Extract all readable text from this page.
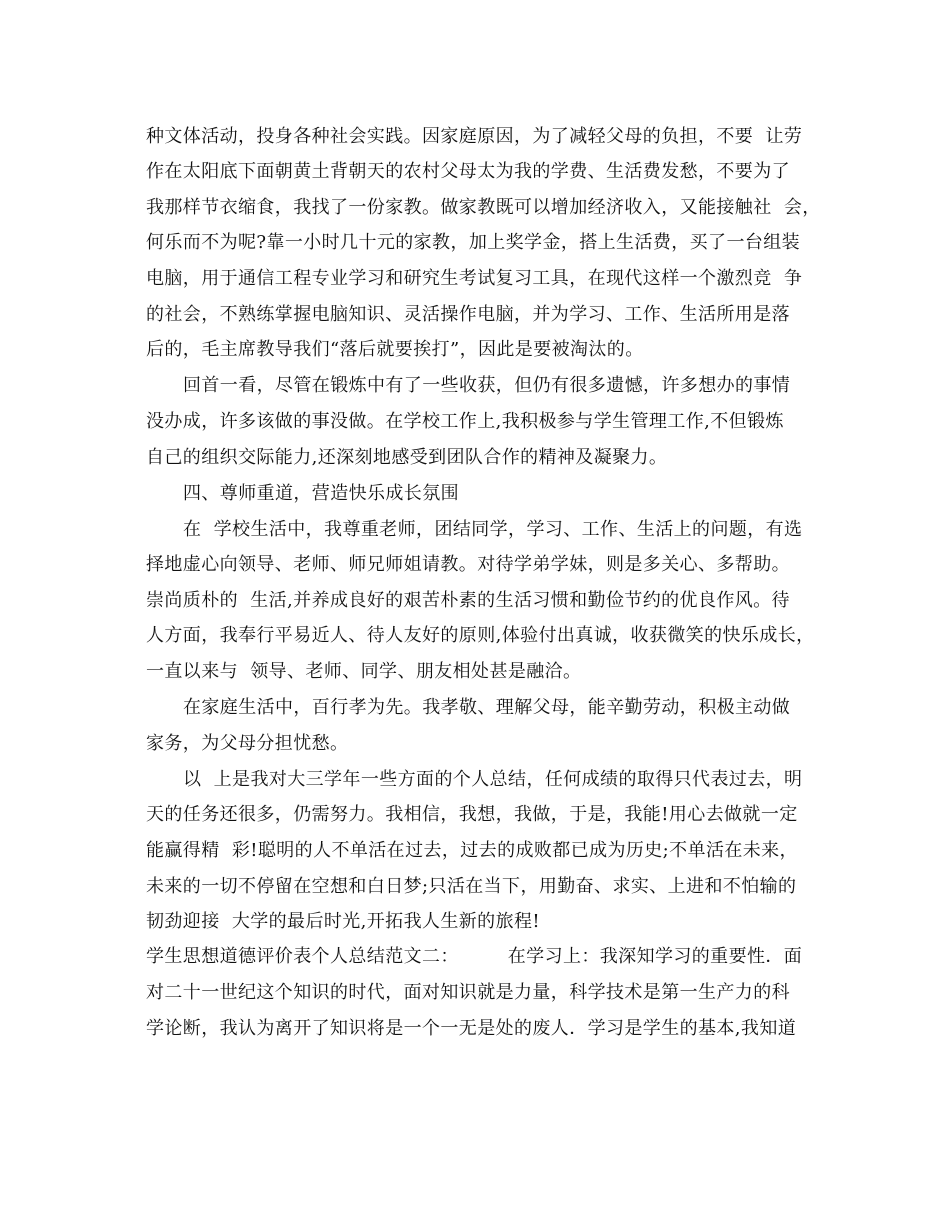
种文体活动，投身各种社会实践。因家庭原因，为了减轻父母的负担，不要  让劳
作在太阳底下面朝黄土背朝天的农村父母太为我的学费、生活费发愁，不要为了
我那样节衣缩食，我找了一份家教。做家教既可以增加经济收入，又能接触社  会，
何乐而不为呢?靠一小时几十元的家教，加上奖学金，搭上生活费，买了一台组装
电脑，用于通信工程专业学习和研究生考试复习工具，在现代这样一个激烈竞  争
的社会，不熟练掌握电脑知识、灵活操作电脑，并为学习、工作、生活所用是落
后的，毛主席教导我们“落后就要挨打”，因此是要被淘汰的。
回首一看，尽管在锻炼中有了一些收获，但仍有很多遗憾，许多想办的事情
没办成，许多该做的事没做。在学校工作上,我积极参与学生管理工作,不但锻炼
自己的组织交际能力,还深刻地感受到团队合作的精神及凝聚力。
四、尊师重道，营造快乐成长氛围
在  学校生活中，我尊重老师，团结同学，学习、工作、生活上的问题，有选
择地虚心向领导、老师、师兄师姐请教。对待学弟学妹，则是多关心、多帮助。
崇尚质朴的  生活,并养成良好的艰苦朴素的生活习惯和勤俭节约的优良作风。待
人方面，我奉行平易近人、待人友好的原则,体验付出真诚，收获微笑的快乐成长，
一直以来与  领导、老师、同学、朋友相处甚是融洽。
在家庭生活中，百行孝为先。我孝敬、理解父母，能辛勤劳动，积极主动做
家务，为父母分担忧愁。
以  上是我对大三学年一些方面的个人总结，任何成绩的取得只代表过去，明
天的任务还很多，仍需努力。我相信，我想，我做，于是，我能!用心去做就一定
能赢得精  彩!聪明的人不单活在过去，过去的成败都已成为历史;不单活在未来，
未来的一切不停留在空想和白日梦;只活在当下，用勤奋、求实、上进和不怕输的
韧劲迎接  大学的最后时光,开拓我人生新的旅程!
学生思想道德评价表个人总结范文二：        在学习上：我深知学习的重要性．面
对二十一世纪这个知识的时代，面对知识就是力量，科学技术是第一生产力的科
学论断，我认为离开了知识将是一个一无是处的废人．学习是学生的基本,我知道
